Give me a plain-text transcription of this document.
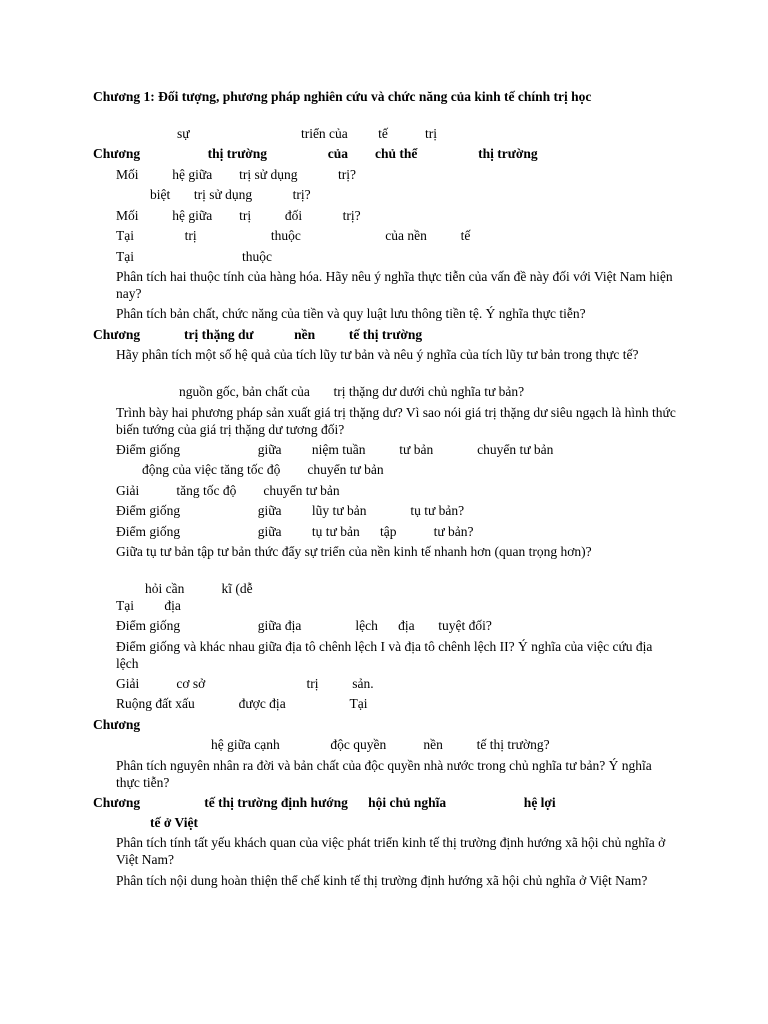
Chương 1: Đối tượng, phương pháp nghiên cứu và chức năng của kinh tế chính trị học

sự                                 triển của         tế           trị

Chương                    thị trường                  của        chủ thể                  thị trường

Mối          hệ giữa        trị sử dụng            trị?

biệt       trị sử dụng            trị?

Mối          hệ giữa        trị          đối            trị?

Tại               trị                      thuộc                         của nền          tế

Tại                                thuộc

Phân tích hai thuộc tính của hàng hóa. Hãy nêu ý nghĩa thực tiễn của vấn đề này đối với Việt Nam hiện nay?

Phân tích bản chất, chức năng của tiền và quy luật lưu thông tiền tệ. Ý nghĩa thực tiễn?

Chương             trị thặng dư            nền          tế thị trường

Hãy phân tích một số hệ quả của tích lũy tư bản và nêu ý nghĩa của tích lũy tư bản trong thực tế?

nguồn gốc, bản chất của       trị thặng dư dưới chủ nghĩa tư bản?

Trình bày hai phương pháp sản xuất giá trị thặng dư? Vì sao nói giá trị thặng dư siêu ngạch là hình thức biến tướng của giá trị thặng dư tương đối?

Điểm giống                       giữa         niệm tuần          tư bản             chuyển tư bản

động của việc tăng tốc độ        chuyển tư bản

Giải           tăng tốc độ        chuyển tư bản

Điểm giống                       giữa         lũy tư bản             tụ tư bản?

Điểm giống                       giữa         tụ tư bản      tập           tư bản?

Giữa tụ tư bản tập tư bản thức đẩy sự triển của nền kinh tế nhanh hơn (quan trọng hơn)?

hỏi cần           kĩ (dễ

Tại         địa

Điểm giống                       giữa địa                lệch      địa       tuyệt đối?

Điểm giống và khác nhau giữa địa tô chênh lệch I và địa tô chênh lệch II? Ý nghĩa của việc cứu địa lệch

Giải           cơ sở                              trị          sản.

Ruộng đất xấu             được địa                   Tại

Chương

hệ giữa cạnh               độc quyền           nền          tế thị trường?

Phân tích nguyên nhân ra đời và bản chất của độc quyền nhà nước trong chủ nghĩa tư bản? Ý nghĩa thực tiễn?

Chương                   tế thị trường định hướng      hội chủ nghĩa                       hệ lợi

tế ở Việt

Phân tích tính tất yếu khách quan của việc phát triển kinh tế thị trường định hướng xã hội chủ nghĩa ở Việt Nam?

Phân tích nội dung hoàn thiện thể chế kinh tế thị trường định hướng xã hội chủ nghĩa ở Việt Nam?
